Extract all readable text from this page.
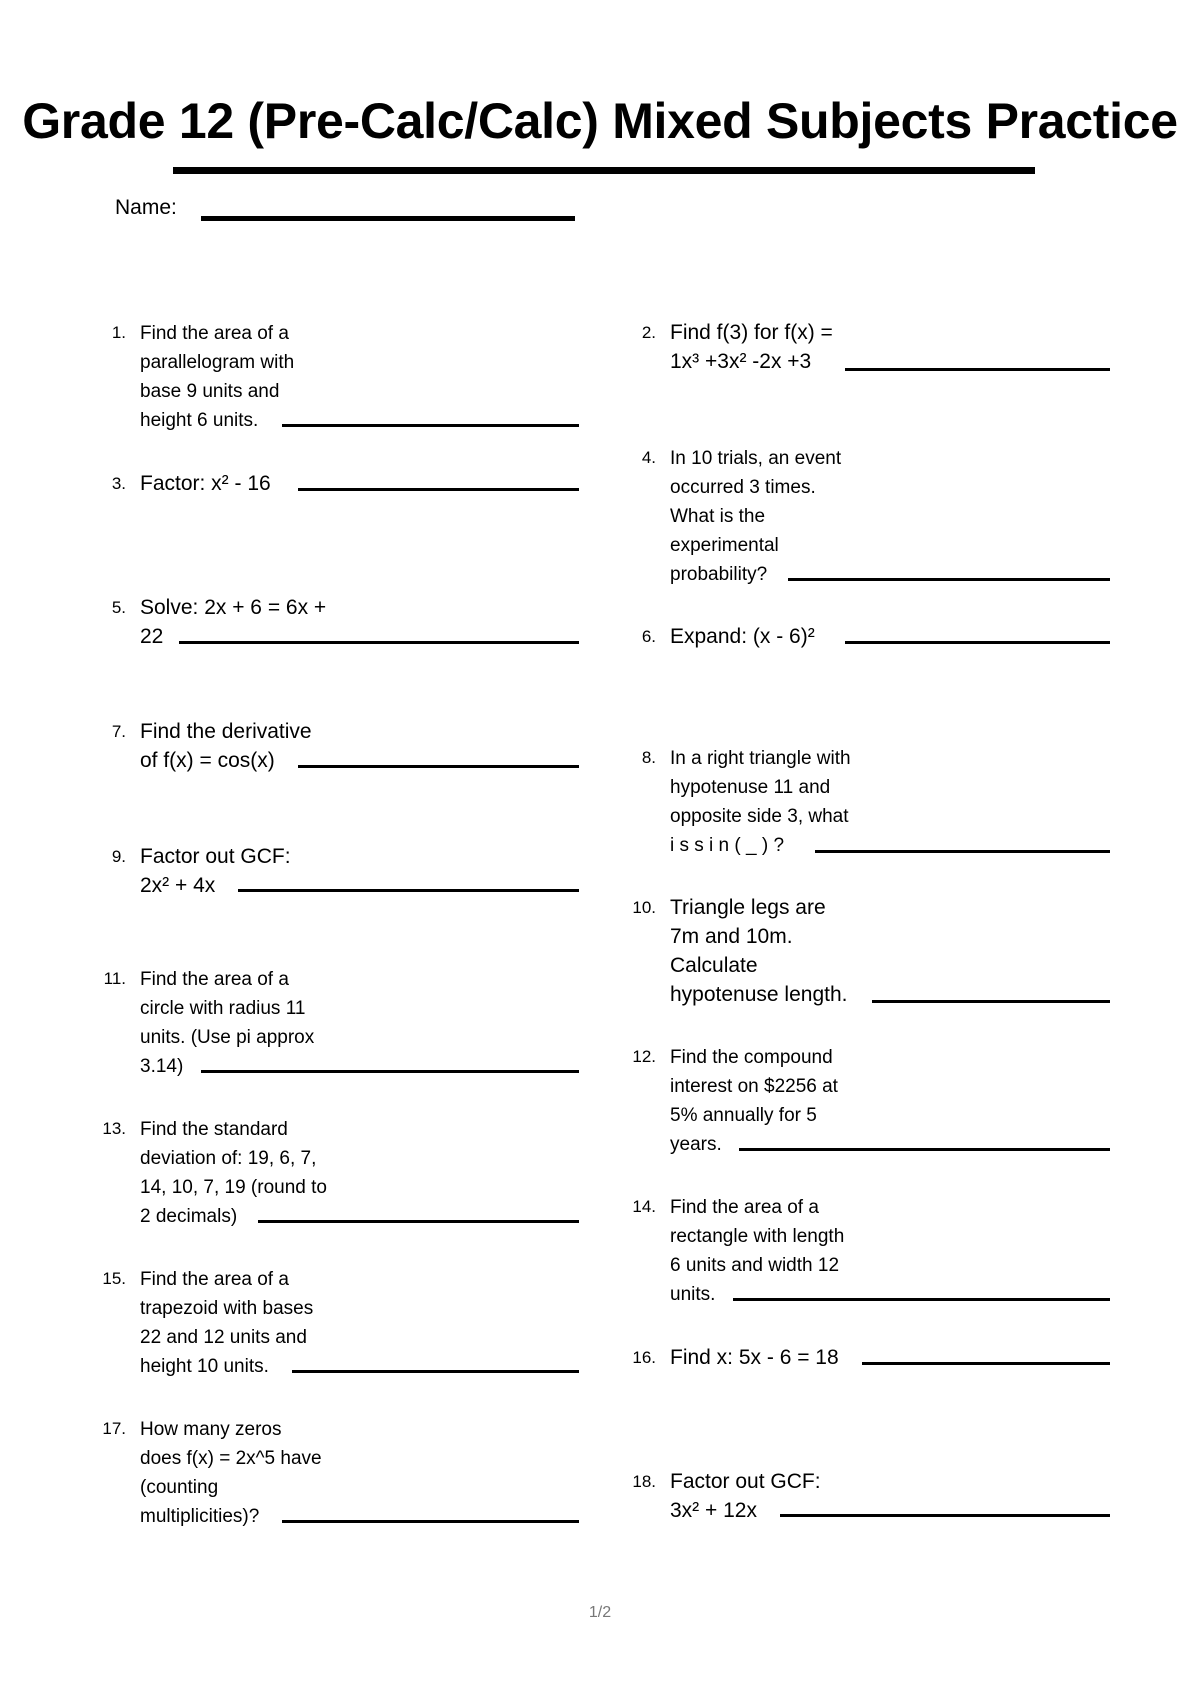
Grade 12 (Pre-Calc/Calc) Mixed Subjects Practice
Name:
1. Find the area of a
parallelogram with
base 9 units and
height 6 units.
2. Find f(3) for f(x) =
1x³ +3x² -2x +3
3. Factor: x² - 16
4. In 10 trials, an event
occurred 3 times.
What is the
experimental
probability?
5. Solve: 2x + 6 = 6x +
22	6. Expand: (x - 6)²
7. Find the derivative
of f(x) = cos(x)	8. In a right triangle with
hypotenuse 11 and
opposite side 3, what
i s s i n ( _ ) ?
9. Factor out GCF:
2x² + 4x
10. Triangle legs are
7m and 10m.
Calculate
hypotenuse length.
11. Find the area of a
circle with radius 11
units. (Use pi approx
3.14)	12. Find the compound
interest on $2256 at
5% annually for 5
years.
13. Find the standard
deviation of: 19, 6, 7,
14, 10, 7, 19 (round to
2 decimals)	14. Find the area of a
rectangle with length
6 units and width 12
units.
15. Find the area of a
trapezoid with bases
22 and 12 units and
height 10 units.	16. Find x: 5x - 6 = 18
17. How many zeros
does f(x) = 2x^5 have
(counting
multiplicities)?
18. Factor out GCF:
3x² + 12x
1/2
